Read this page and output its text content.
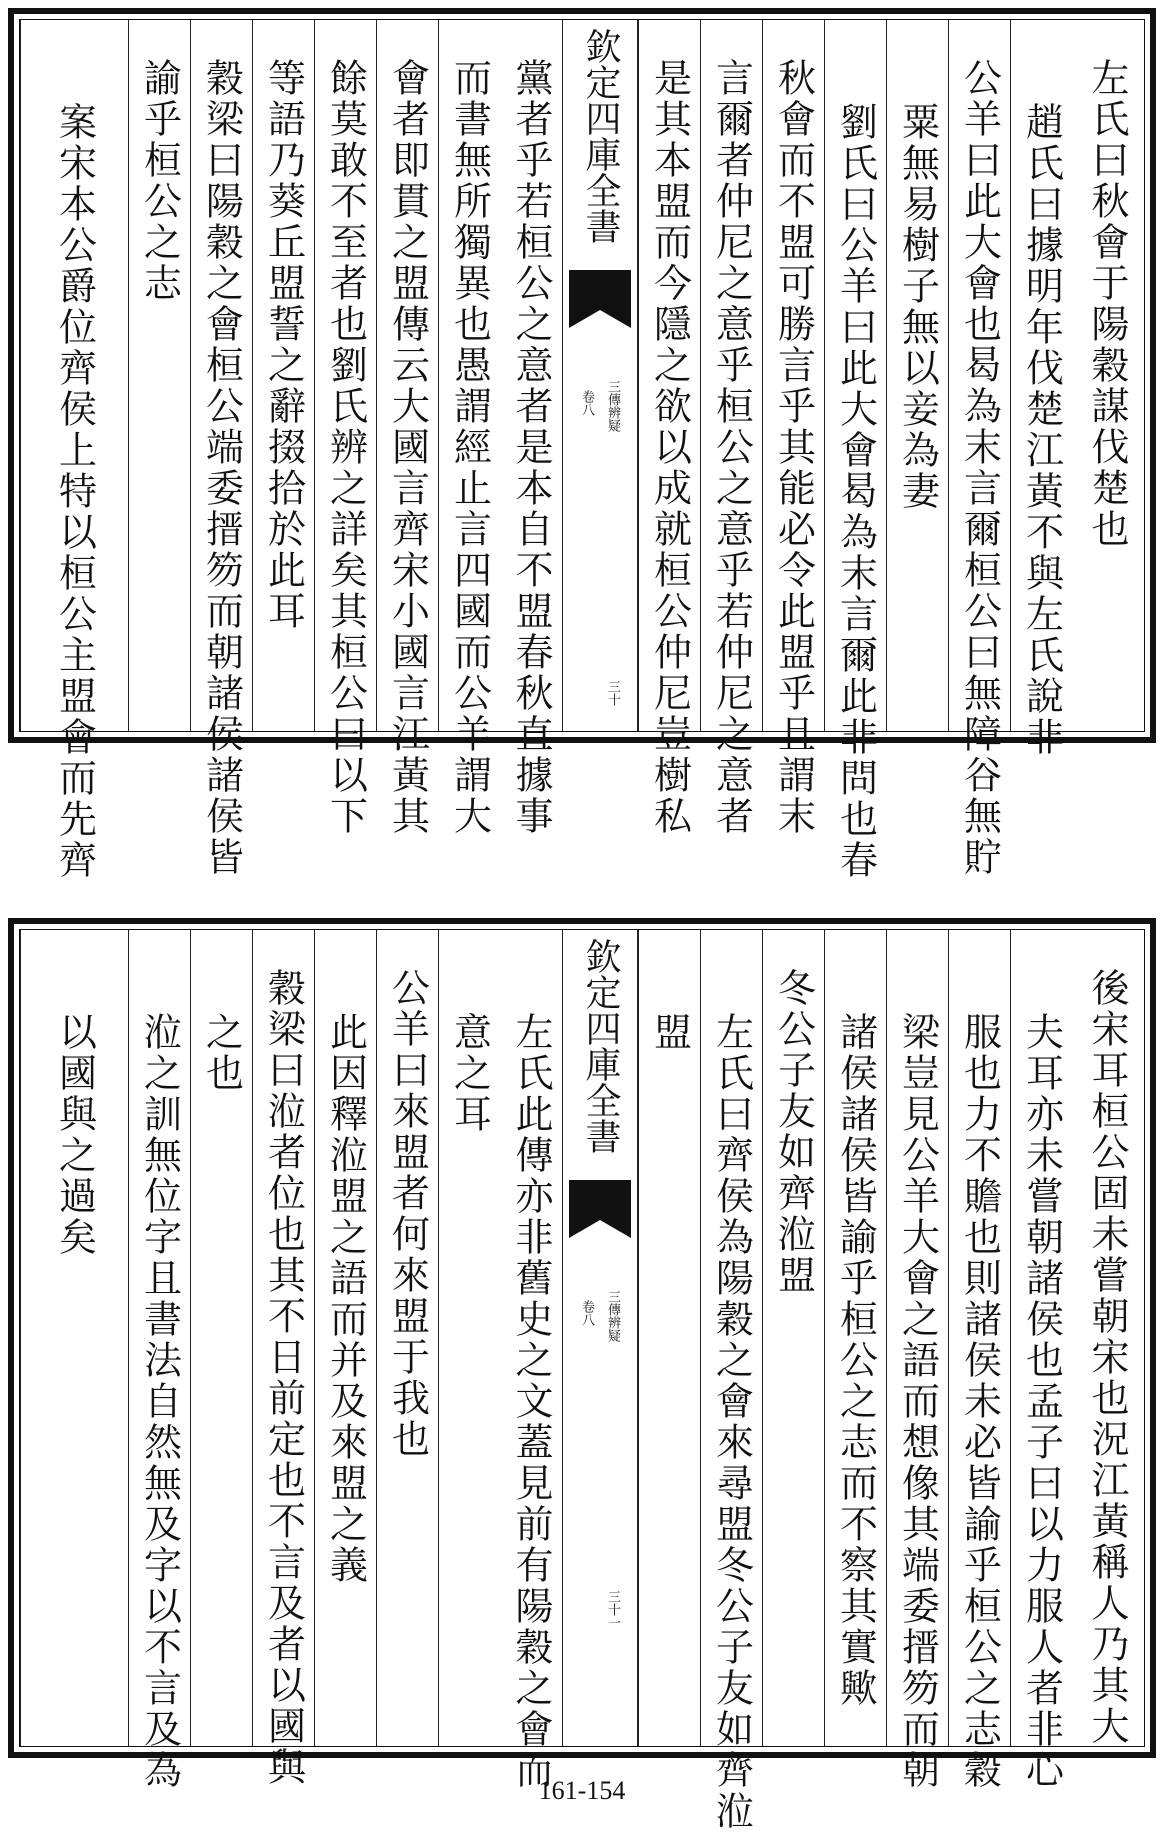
左氏曰秋會于陽穀謀伐楚也
趙氏曰據明年伐楚江黃不與左氏說非
公羊曰此大會也曷為末言爾桓公曰無障谷無貯
粟無易樹子無以妾為妻
劉氏曰公羊曰此大會曷為末言爾此非問也春
秋會而不盟可勝言乎其能必令此盟乎且謂末
言爾者仲尼之意乎桓公之意乎若仲尼之意者
是其本盟而今隱之欲以成就桓公仲尼豈樹私
欽定四庫全書
三傳辨疑
卷八
三十
黨者乎若桓公之意者是本自不盟春秋直據事
而書無所獨異也愚謂經止言四國而公羊謂大
會者即貫之盟傳云大國言齊宋小國言江黃其
餘莫敢不至者也劉氏辨之詳矣其桓公曰以下
等語乃葵丘盟誓之辭掇拾於此耳
穀梁曰陽穀之會桓公端委搢笏而朝諸侯諸侯皆
諭乎桓公之志
案宋本公爵位齊侯上特以桓公主盟會而先齊
後宋耳桓公固未嘗朝宋也況江黃稱人乃其大
夫耳亦未嘗朝諸侯也孟子曰以力服人者非心
服也力不贍也則諸侯未必皆諭乎桓公之志穀
梁豈見公羊大會之語而想像其端委搢笏而朝
諸侯諸侯皆諭乎桓公之志而不察其實歟
冬公子友如齊涖盟
左氏曰齊侯為陽穀之會來尋盟冬公子友如齊涖
盟
欽定四庫全書
三傳辨疑
卷八
三十一
左氏此傳亦非舊史之文蓋見前有陽穀之會而
意之耳
公羊曰來盟者何來盟于我也
此因釋涖盟之語而并及來盟之義
穀梁曰涖者位也其不日前定也不言及者以國與
之也
涖之訓無位字且書法自然無及字以不言及為
以國與之過矣
161-154
